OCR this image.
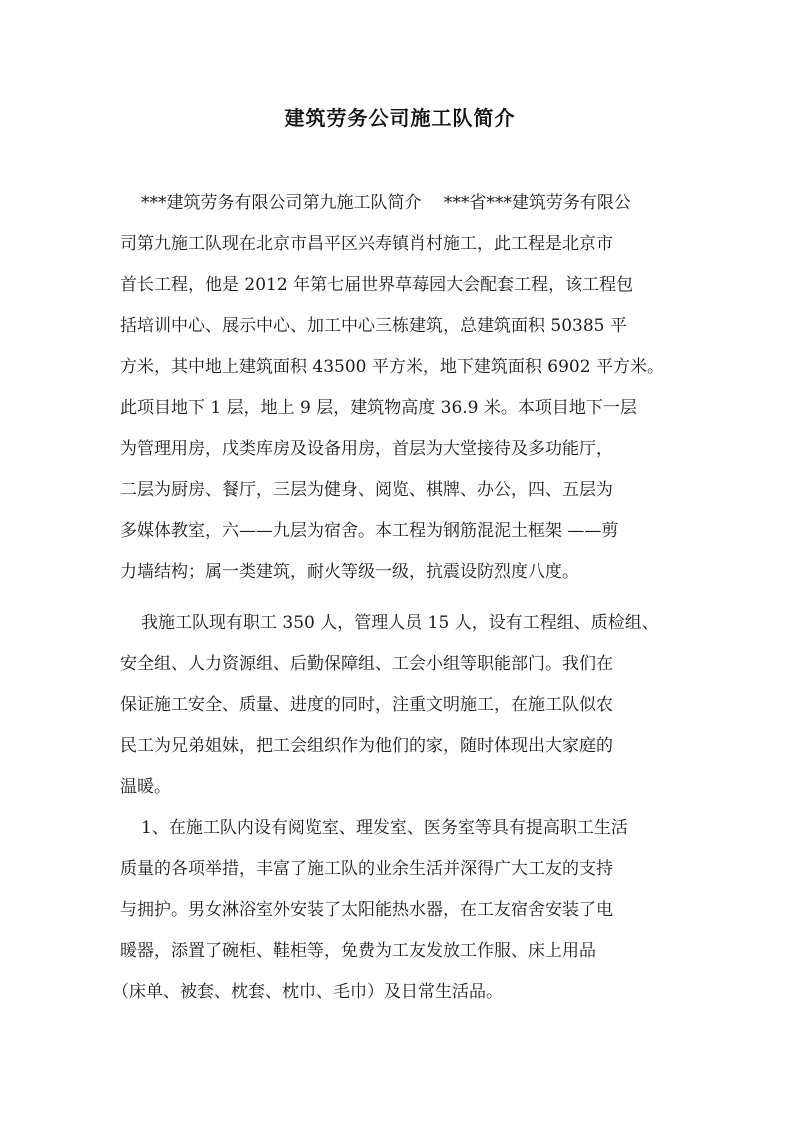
建筑劳务公司施工队简介
***建筑劳务有限公司第九施工队简介　 ***省***建筑劳务有限公
司第九施工队现在北京市昌平区兴寿镇肖村施工，此工程是北京市
首长工程，他是 2012 年第七届世界草莓园大会配套工程，该工程包
括培训中心、展示中心、加工中心三栋建筑，总建筑面积 50385 平
方米，其中地上建筑面积 43500 平方米，地下建筑面积 6902 平方米。
此项目地下 1 层，地上 9 层，建筑物高度 36.9 米。本项目地下一层
为管理用房，戊类库房及设备用房，首层为大堂接待及多功能厅，
二层为厨房、餐厅，三层为健身、阅览、棋牌、办公，四、五层为
多媒体教室，六——九层为宿舍。本工程为钢筋混泥土框架 ——剪
力墙结构；属一类建筑，耐火等级一级，抗震设防烈度八度。
我施工队现有职工 350 人，管理人员 15 人，设有工程组、质检组、
安全组、人力资源组、后勤保障组、工会小组等职能部门。我们在
保证施工安全、质量、进度的同时，注重文明施工，在施工队似农
民工为兄弟姐妹，把工会组织作为他们的家，随时体现出大家庭的
温暖。
1、在施工队内设有阅览室、理发室、医务室等具有提高职工生活
质量的各项举措，丰富了施工队的业余生活并深得广大工友的支持
与拥护。男女淋浴室外安装了太阳能热水器，在工友宿舍安装了电
暖器，添置了碗柜、鞋柜等，免费为工友发放工作服、床上用品
（床单、被套、枕套、枕巾、毛巾）及日常生活品。
